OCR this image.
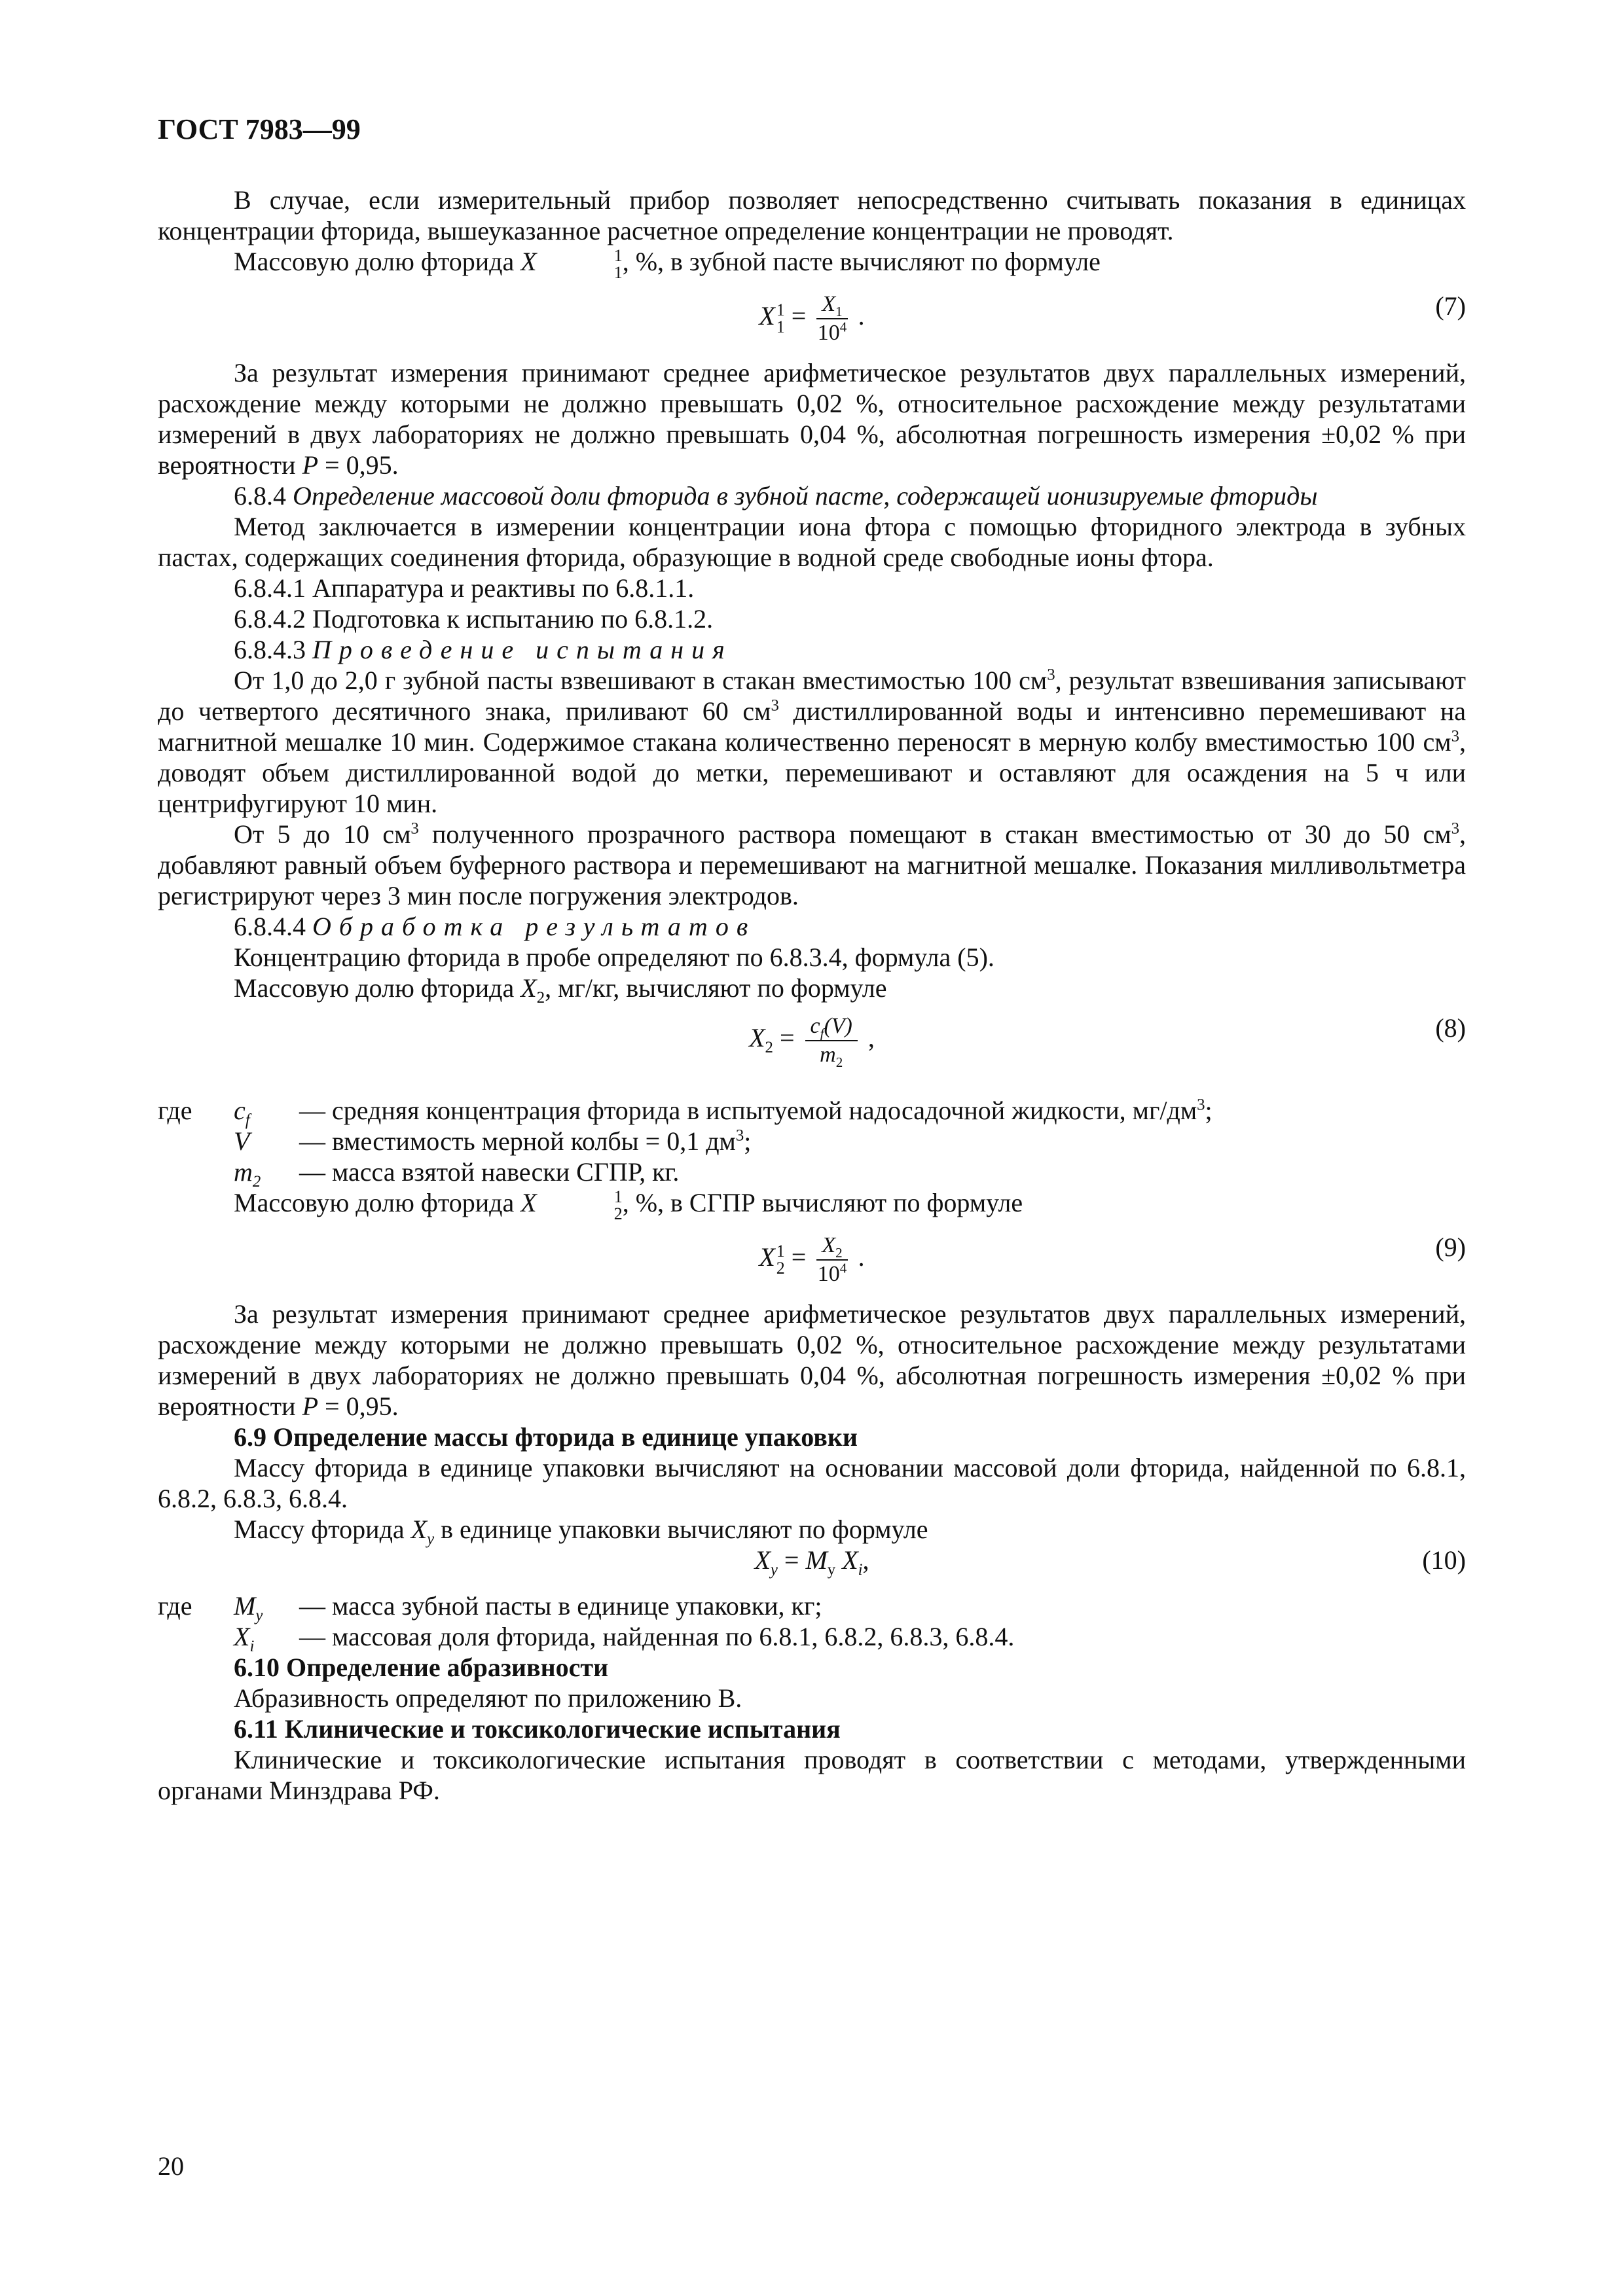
ГОСТ 7983—99

В случае, если измерительный прибор позволяет непосредственно считывать показания в единицах концентрации фторида, вышеуказанное расчетное определение концентрации не проводят.

Массовую долю фторида X	1
1 , %, в зубной пасте вычисляют по формуле

X 1
$1 = \frac{X_1}{10^4}$ .	(7)

За результат измерения принимают среднее арифметическое результатов двух параллельных измерений, расхождение между которыми не должно превышать 0,02 %, относительное расхождение между результатами измерений в двух лабораториях не должно превышать 0,04 %, абсолютная погрешность измерения ±0,02 % при вероятности P = 0,95.

6.8.4 Определение массовой доли фторида в зубной пасте, содержащей ионизируемые фториды

Метод заключается в измерении концентрации иона фтора с помощью фторидного электрода в зубных пастах, содержащих соединения фторида, образующие в водной среде свободные ионы фтора.

6.8.4.1 Аппаратура и реактивы по 6.8.1.1.

6.8.4.2 Подготовка к испытанию по 6.8.1.2.

6.8.4.3 Проведение испытания

От 1,0 до 2,0 г зубной пасты взвешивают в стакан вместимостью 100 $см^3$, результат взвешивания записывают до четвертого десятичного знака, приливают 60 $см^3$ дистиллированной воды и интенсивно перемешивают на магнитной мешалке 10 мин. Содержимое стакана количественно переносят в мерную колбу вместимостью 100 $см^3$, доводят объем дистиллированной водой до метки, перемешивают и оставляют для осаждения на 5 ч или центрифугируют 10 мин.

От 5 до 10 $см^3$ полученного прозрачного раствора помещают в стакан вместимостью от 30 до 50 $см^3$, добавляют равный объем буферного раствора и перемешивают на магнитной мешалке. Показания милливольтметра регистрируют через 3 мин после погружения электродов.

6.8.4.4 Обработка результатов

Концентрацию фторида в пробе определяют по 6.8.3.4, формула (5).

Массовую долю фторида $X_2$, мг/кг, вычисляют по формуле

$X_2 = \frac{c_f(V)}{m_2}$ ,	(8)
где	$c_f$	— средняя концентрация фторида в испытуемой надосадочной жидкости, $мг/дм^3$;
V	— вместимость мерной колбы = 0,1 $дм^3$;
$m_2$	— масса взятой навески СГПР, кг.

Массовую долю фторида X	1
2 , %, в СГПР вычисляют по формуле

X 1
$2 = \frac{X_2}{10^4}$ .	(9)

За результат измерения принимают среднее арифметическое результатов двух параллельных измерений, расхождение между которыми не должно превышать 0,02 %, относительное расхождение между результатами измерений в двух лабораториях не должно превышать 0,04 %, абсолютная погрешность измерения ±0,02 % при вероятности P = 0,95.

6.9 Определение массы фторида в единице упаковки

Массу фторида в единице упаковки вычисляют на основании массовой доли фторида, найденной по 6.8.1, 6.8.2, 6.8.3, 6.8.4.

Массу фторида $X_y$ в единице упаковки вычисляют по формуле

$X_y = M_y$ $X_i$,	(10)
где	$M_y$	— масса зубной пасты в единице упаковки, кг;
$X_i$	— массовая доля фторида, найденная по 6.8.1, 6.8.2, 6.8.3, 6.8.4.

6.10 Определение абразивности

Абразивность определяют по приложению В.

6.11 Клинические и токсикологические испытания

Клинические и токсикологические испытания проводят в соответствии с методами, утвержденными органами Минздрава РФ.

20
